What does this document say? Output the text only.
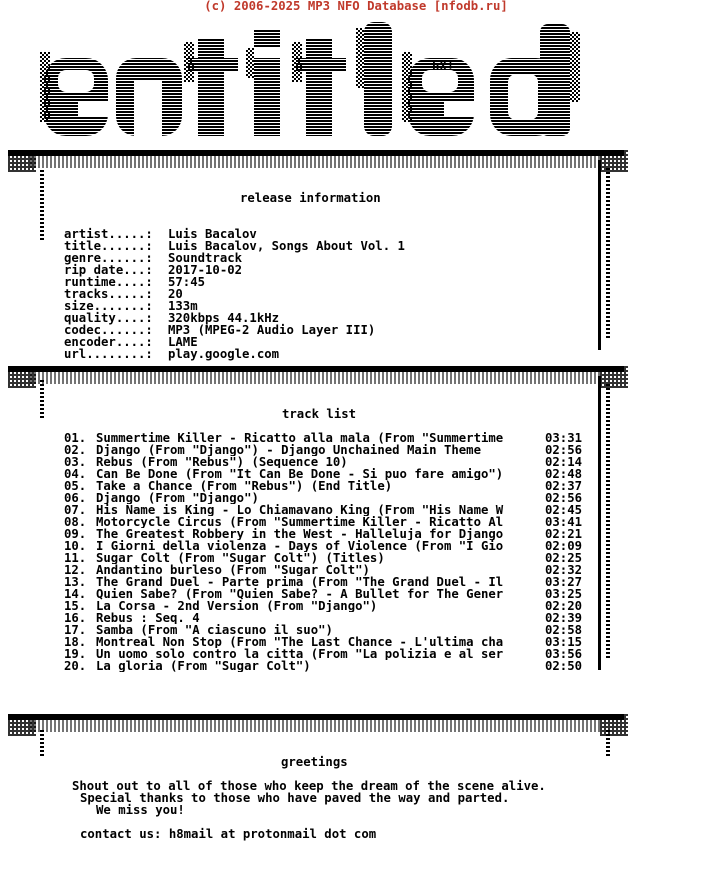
(c) 2006-2025 MP3 NFO Database [nfodb.ru]
hX!
release information
artist.....: Luis Bacalov
title......: Luis Bacalov, Songs About Vol. 1
genre......: Soundtrack
rip date...: 2017-10-02
runtime....: 57:45
tracks.....: 20
size.......: 133m
quality....: 320kbps 44.1kHz
codec......: MP3 (MPEG-2 Audio Layer III)
encoder....: LAME
url........: play.google.com
track list
01. Summertime Killer - Ricatto alla mala (From "Summertime	03:31
02. Django (From "Django") - Django Unchained Main Theme	02:56
03. Rebus (From "Rebus") (Sequence 10)	02:14
04. Can Be Done (From "It Can Be Done - Si puo fare amigo")	02:48
05. Take a Chance (From "Rebus") (End Title)	02:37
06. Django (From "Django")	02:56
07. His Name is King - Lo Chiamavano King (From "His Name W	02:45
08. Motorcycle Circus (From "Summertime Killer - Ricatto Al	03:41
09. The Greatest Robbery in the West - Halleluja for Django	02:21
10. I Giorni della violenza - Days of Violence (From "I Gio	02:09
11. Sugar Colt (From "Sugar Colt") (Titles)	02:25
12. Andantino burleso (From "Sugar Colt")	02:32
13. The Grand Duel - Parte prima (From "The Grand Duel - Il	03:27
14. Quien Sabe? (From "Quien Sabe? - A Bullet for The Gener	03:25
15. La Corsa - 2nd Version (From "Django")	02:20
16. Rebus : Seq. 4	02:39
17. Samba (From "A ciascuno il suo")	02:58
18. Montreal Non Stop (From "The Last Chance - L'ultima cha	03:15
19. Un uomo solo contro la citta (From "La polizia e al ser	03:56
20. La gloria (From "Sugar Colt")	02:50
greetings
Shout out to all of those who keep the dream of the scene alive.
Special thanks to those who have paved the way and parted.
We miss you!
contact us: h8mail at protonmail dot com
